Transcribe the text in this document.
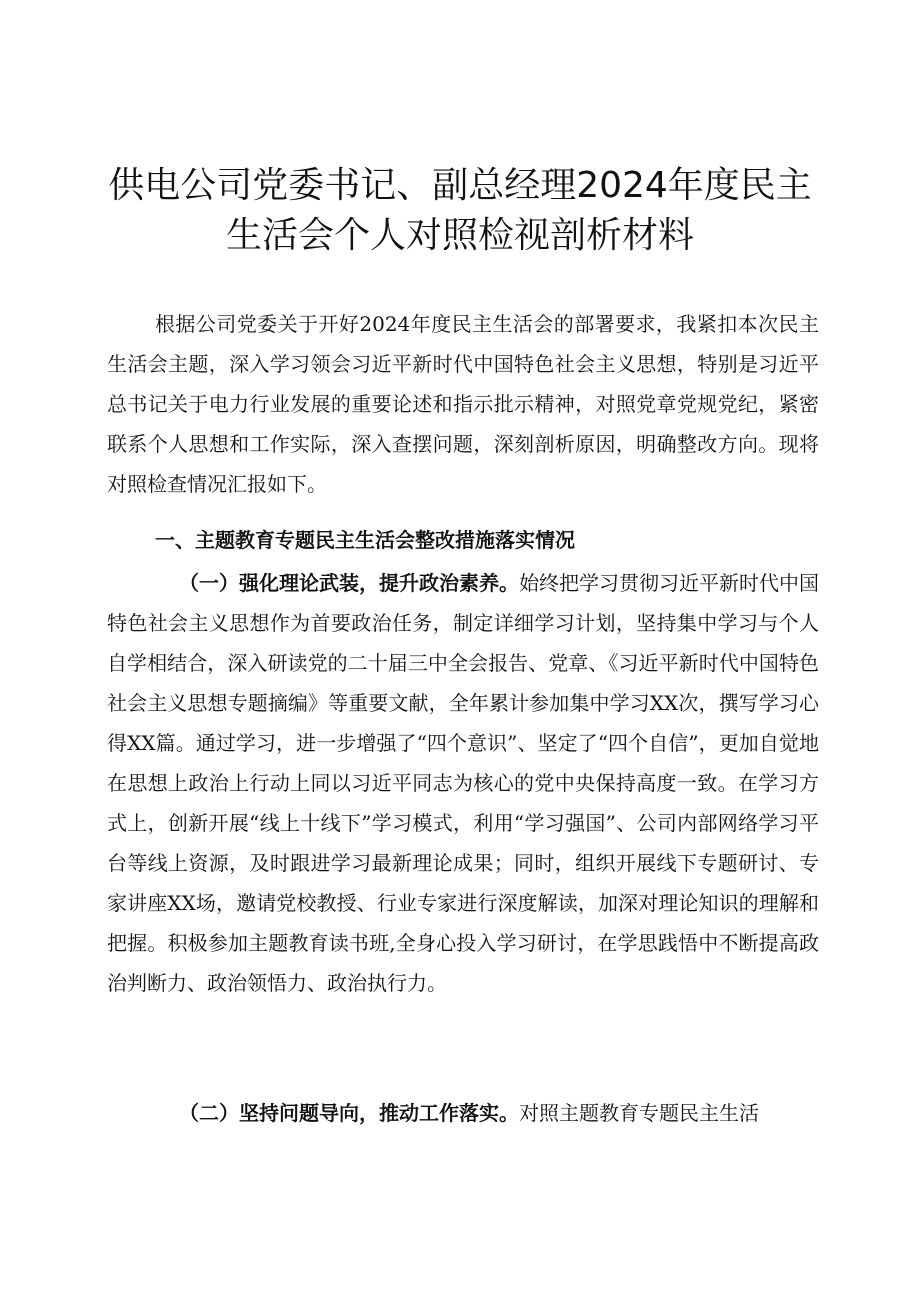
供电公司党委书记、副总经理2024年度民主
生活会个人对照检视剖析材料

根据公司党委关于开好2024年度民主生活会的部署要求，我紧扣本次民主生活会主题，深入学习领会习近平新时代中国特色社会主义思想，特别是习近平总书记关于电力行业发展的重要论述和指示批示精神，对照党章党规党纪，紧密联系个人思想和工作实际，深入查摆问题，深刻剖析原因，明确整改方向。现将对照检查情况汇报如下。

一、主题教育专题民主生活会整改措施落实情况

（一）强化理论武装，提升政治素养。始终把学习贯彻习近平新时代中国特色社会主义思想作为首要政治任务，制定详细学习计划，坚持集中学习与个人自学相结合，深入研读党的二十届三中全会报告、党章、《习近平新时代中国特色社会主义思想专题摘编》等重要文献，全年累计参加集中学习XX次，撰写学习心得XX篇。通过学习，进一步增强了“四个意识”、坚定了“四个自信”，更加自觉地在思想上政治上行动上同以习近平同志为核心的党中央保持高度一致。在学习方式上，创新开展“线上十线下”学习模式，利用“学习强国”、公司内部网络学习平台等线上资源，及时跟进学习最新理论成果；同时，组织开展线下专题研讨、专家讲座XX场，邀请党校教授、行业专家进行深度解读，加深对理论知识的理解和把握。积极参加主题教育读书班,全身心投入学习研讨，在学思践悟中不断提高政治判断力、政治领悟力、政治执行力。

（二）坚持问题导向，推动工作落实。对照主题教育专题民主生活
